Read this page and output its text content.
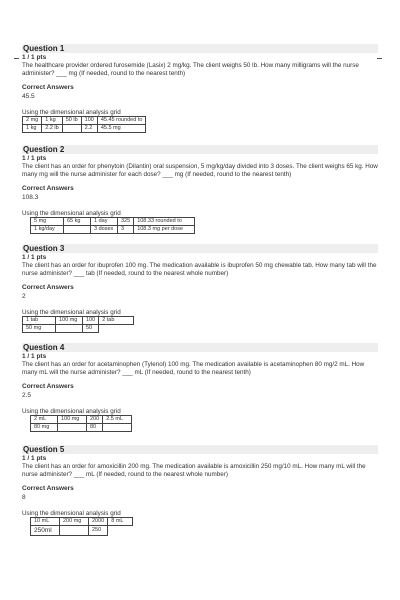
Question 1
1 / 1 pts
The healthcare provider ordered furosemide (Lasix) 2 mg/kg. The client weighs 50 lb. How many milligrams will the nurse administer? ___ mg (If needed, round to the nearest tenth)
Correct Answers
45.5
Using the dimensional analysis grid
2 mg	1 kg	50 lb	100	45.45 rounded to
1 kg	2.2 lb		2.2	45.5 mg
Question 2
1 / 1 pts
The client has an order for phenytoin (Dilantin) oral suspension, 5 mg/kg/day divided into 3 doses. The client weighs 65 kg. How many mg will the nurse administer for each dose? ___ mg (If needed, round to the nearest tenth)
Correct Answers
108.3
Using the dimensional analysis grid
5 mg	65 kg	1 day	325	108.33 rounded to
1 kg/day		3 doses	3	108.3 mg per dose
Question 3
1 / 1 pts
The client has an order for ibuprofen 100 mg. The medication available is ibuprofen 50 mg chewable tab. How many tab will the nurse administer? ___ tab (If needed, round to the nearest whole number)
Correct Answers
2
Using the dimensional analysis grid
1 tab	100 mg	100	2 tab
50 mg		50	
Question 4
1 / 1 pts
The client has an order for acetaminophen (Tylenol) 100 mg. The medication available is acetaminophen 80 mg/2 mL. How many mL will the nurse administer? ___ mL (If needed, round to the nearest tenth)
Correct Answers
2.5
Using the dimensional analysis grid
2 mL	100 mg	200	2.5 mL
80 mg		80	
Question 5
1 / 1 pts
The client has an order for amoxicillin 200 mg. The medication available is amoxicillin 250 mg/10 mL. How many mL will the nurse administer? ___ mL (If needed, round to the nearest whole number)
Correct Answers
8
Using the dimensional analysis grid
10 mL	200 mg	2000	8 mL
250ml		250	
